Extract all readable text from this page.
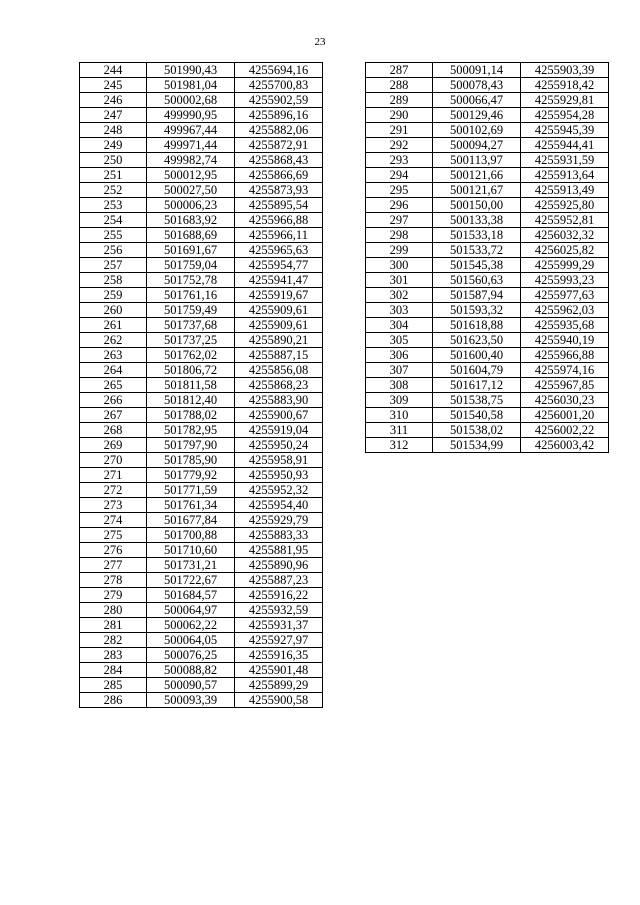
23
244	501990,43	4255694,16
245	501981,04	4255700,83
246	500002,68	4255902,59
247	499990,95	4255896,16
248	499967,44	4255882,06
249	499971,44	4255872,91
250	499982,74	4255868,43
251	500012,95	4255866,69
252	500027,50	4255873,93
253	500006,23	4255895,54
254	501683,92	4255966,88
255	501688,69	4255966,11
256	501691,67	4255965,63
257	501759,04	4255954,77
258	501752,78	4255941,47
259	501761,16	4255919,67
260	501759,49	4255909,61
261	501737,68	4255909,61
262	501737,25	4255890,21
263	501762,02	4255887,15
264	501806,72	4255856,08
265	501811,58	4255868,23
266	501812,40	4255883,90
267	501788,02	4255900,67
268	501782,95	4255919,04
269	501797,90	4255950,24
270	501785,90	4255958,91
271	501779,92	4255950,93
272	501771,59	4255952,32
273	501761,34	4255954,40
274	501677,84	4255929,79
275	501700,88	4255883,33
276	501710,60	4255881,95
277	501731,21	4255890,96
278	501722,67	4255887,23
279	501684,57	4255916,22
280	500064,97	4255932,59
281	500062,22	4255931,37
282	500064,05	4255927,97
283	500076,25	4255916,35
284	500088,82	4255901,48
285	500090,57	4255899,29
286	500093,39	4255900,58
287	500091,14	4255903,39
288	500078,43	4255918,42
289	500066,47	4255929,81
290	500129,46	4255954,28
291	500102,69	4255945,39
292	500094,27	4255944,41
293	500113,97	4255931,59
294	500121,66	4255913,64
295	500121,67	4255913,49
296	500150,00	4255925,80
297	500133,38	4255952,81
298	501533,18	4256032,32
299	501533,72	4256025,82
300	501545,38	4255999,29
301	501560,63	4255993,23
302	501587,94	4255977,63
303	501593,32	4255962,03
304	501618,88	4255935,68
305	501623,50	4255940,19
306	501600,40	4255966,88
307	501604,79	4255974,16
308	501617,12	4255967,85
309	501538,75	4256030,23
310	501540,58	4256001,20
311	501538,02	4256002,22
312	501534,99	4256003,42
